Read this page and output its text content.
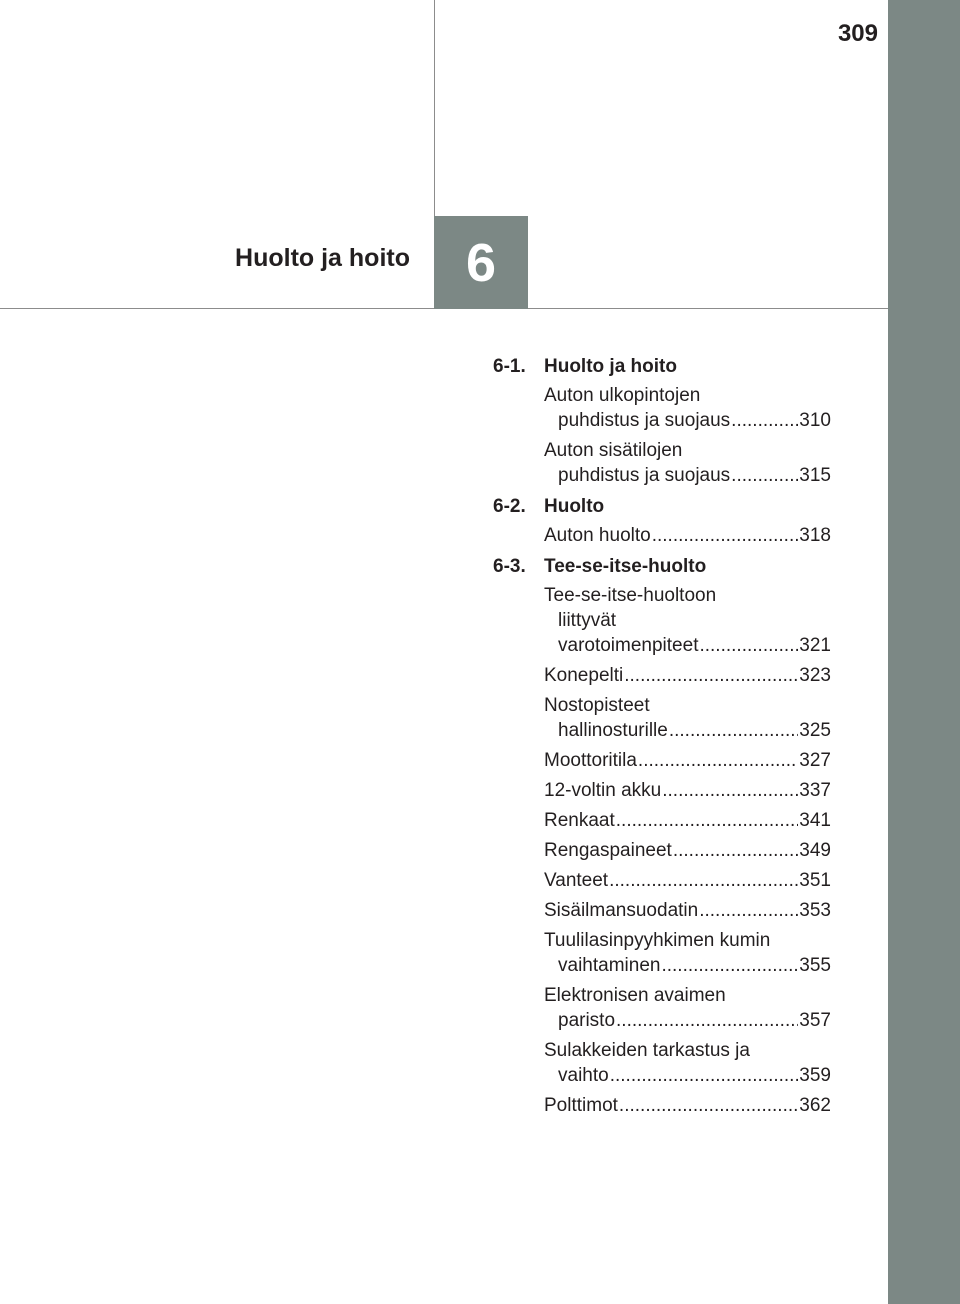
309
Huolto ja hoito 6
6-1. Huolto ja hoito
Auton ulkopintojen
puhdistus ja suojaus .....	310
Auton sisätilojen
puhdistus ja suojaus .....	315
6-2. Huolto
Auton huolto .....	318
6-3. Tee-se-itse-huolto
Tee-se-itse-huoltoon
liittyvät
varotoimenpiteet .....	321
Konepelti .....	323
Nostopisteet
hallinosturille .....	325
Moottoritila .....	327
12-voltin akku .....	337
Renkaat .....	341
Rengaspaineet .....	349
Vanteet .....	351
Sisäilmansuodatin .....	353
Tuulilasinpyyhkimen kumin
vaihtaminen .....	355
Elektronisen avaimen
paristo .....	357
Sulakkeiden tarkastus ja
vaihto .....	359
Polttimot .....	362
carmanualsonline.info
